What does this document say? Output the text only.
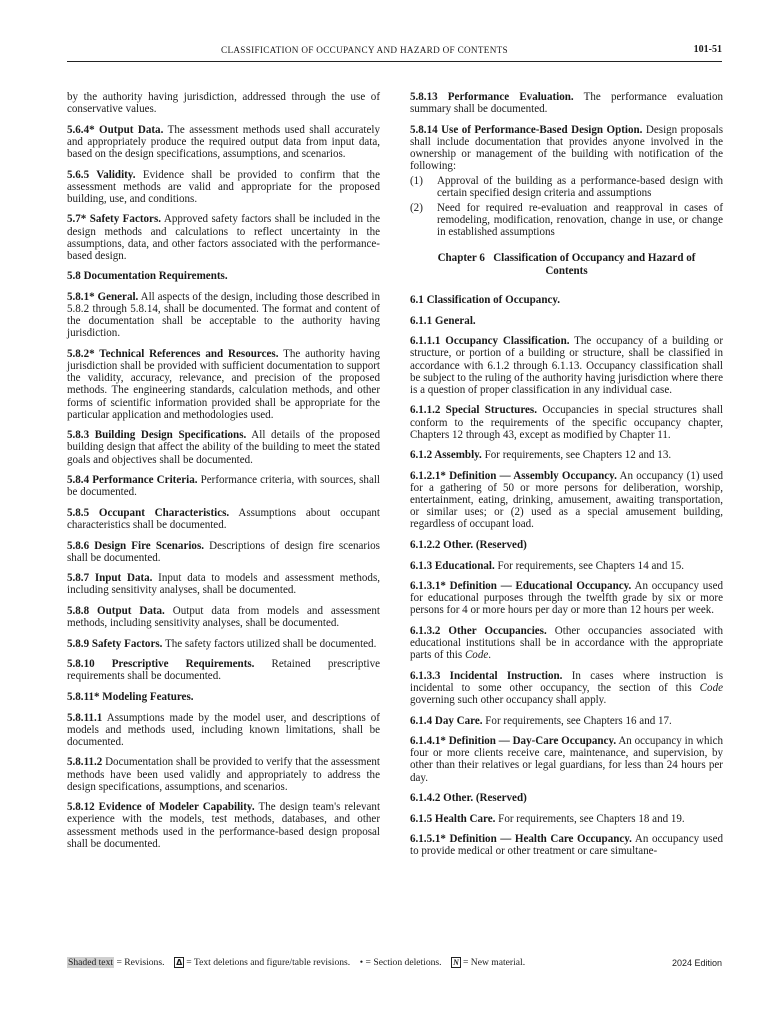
CLASSIFICATION OF OCCUPANCY AND HAZARD OF CONTENTS	101-51

by the authority having jurisdiction, addressed through the use of conservative values.

5.6.4* Output Data. The assessment methods used shall accurately and appropriately produce the required output data from input data, based on the design specifications, assumptions, and scenarios.

5.6.5 Validity. Evidence shall be provided to confirm that the assessment methods are valid and appropriate for the proposed building, use, and conditions.

5.7* Safety Factors. Approved safety factors shall be included in the design methods and calculations to reflect uncertainty in the assumptions, data, and other factors associated with the performance-based design.

5.8 Documentation Requirements.

5.8.1* General. All aspects of the design, including those described in 5.8.2 through 5.8.14, shall be documented. The format and content of the documentation shall be acceptable to the authority having jurisdiction.

5.8.2* Technical References and Resources. The authority having jurisdiction shall be provided with sufficient documentation to support the validity, accuracy, relevance, and precision of the proposed methods. The engineering standards, calculation methods, and other forms of scientific information provided shall be appropriate for the particular application and methodologies used.

5.8.3 Building Design Specifications. All details of the proposed building design that affect the ability of the building to meet the stated goals and objectives shall be documented.

5.8.4 Performance Criteria. Performance criteria, with sources, shall be documented.

5.8.5 Occupant Characteristics. Assumptions about occupant characteristics shall be documented.

5.8.6 Design Fire Scenarios. Descriptions of design fire scenarios shall be documented.

5.8.7 Input Data. Input data to models and assessment methods, including sensitivity analyses, shall be documented.

5.8.8 Output Data. Output data from models and assessment methods, including sensitivity analyses, shall be documented.

5.8.9 Safety Factors. The safety factors utilized shall be documented.

5.8.10 Prescriptive Requirements. Retained prescriptive requirements shall be documented.

5.8.11* Modeling Features.

5.8.11.1 Assumptions made by the model user, and descriptions of models and methods used, including known limitations, shall be documented.

5.8.11.2 Documentation shall be provided to verify that the assessment methods have been used validly and appropriately to address the design specifications, assumptions, and scenarios.

5.8.12 Evidence of Modeler Capability. The design team's relevant experience with the models, test methods, databases, and other assessment methods used in the performance-based design proposal shall be documented.

5.8.13 Performance Evaluation. The performance evaluation summary shall be documented.

5.8.14 Use of Performance-Based Design Option. Design proposals shall include documentation that provides anyone involved in the ownership or management of the building with notification of the following:

(1) Approval of the building as a performance-based design with certain specified design criteria and assumptions
(2) Need for required re-evaluation and reapproval in cases of remodeling, modification, renovation, change in use, or change in established assumptions
Chapter 6   Classification of Occupancy and Hazard of Contents

6.1 Classification of Occupancy.

6.1.1 General.

6.1.1.1 Occupancy Classification. The occupancy of a building or structure, or portion of a building or structure, shall be classified in accordance with 6.1.2 through 6.1.13. Occupancy classification shall be subject to the ruling of the authority having jurisdiction where there is a question of proper classification in any individual case.

6.1.1.2 Special Structures. Occupancies in special structures shall conform to the requirements of the specific occupancy chapter, Chapters 12 through 43, except as modified by Chapter 11.

6.1.2 Assembly. For requirements, see Chapters 12 and 13.

6.1.2.1* Definition — Assembly Occupancy. An occupancy (1) used for a gathering of 50 or more persons for deliberation, worship, entertainment, eating, drinking, amusement, awaiting transportation, or similar uses; or (2) used as a special amusement building, regardless of occupant load.

6.1.2.2 Other. (Reserved)

6.1.3 Educational. For requirements, see Chapters 14 and 15.

6.1.3.1* Definition — Educational Occupancy. An occupancy used for educational purposes through the twelfth grade by six or more persons for 4 or more hours per day or more than 12 hours per week.

6.1.3.2 Other Occupancies. Other occupancies associated with educational institutions shall be in accordance with the appropriate parts of this Code.

6.1.3.3 Incidental Instruction. In cases where instruction is incidental to some other occupancy, the section of this Code governing such other occupancy shall apply.

6.1.4 Day Care. For requirements, see Chapters 16 and 17.

6.1.4.1* Definition — Day-Care Occupancy. An occupancy in which four or more clients receive care, maintenance, and supervision, by other than their relatives or legal guardians, for less than 24 hours per day.

6.1.4.2 Other. (Reserved)

6.1.5 Health Care. For requirements, see Chapters 18 and 19.

6.1.5.1* Definition — Health Care Occupancy. An occupancy used to provide medical or other treatment or care simultane-

Shaded text = Revisions. Δ = Text deletions and figure/table revisions. • = Section deletions. N = New material.	2024 Edition
